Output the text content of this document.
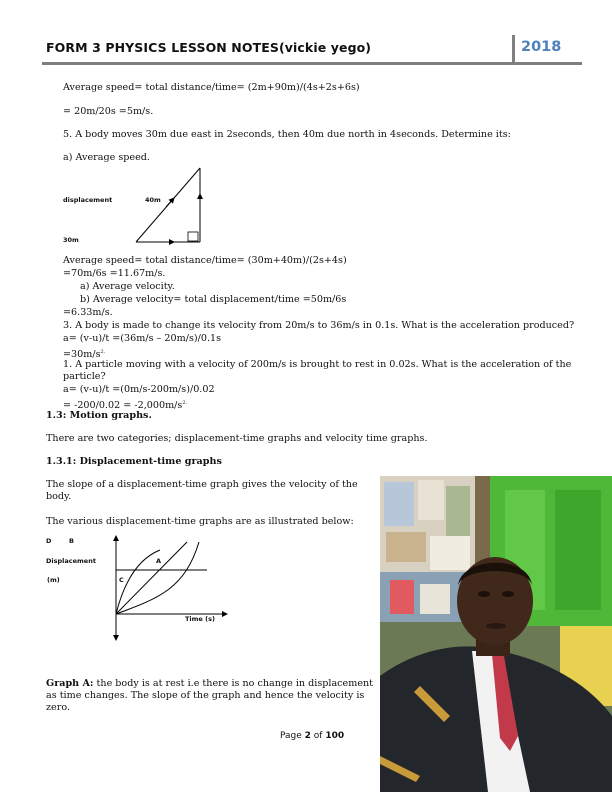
FORM 3 PHYSICS LESSON NOTES(vickie yego)	2018
Average speed= total distance/time= (2m+90m)/(4s+2s+6s)
= 20m/20s =5m/s.
5. A body moves 30m due east in 2seconds, then 40m due north in 4seconds. Determine its:
a) Average speed.
displacement	40m
30m
Average speed= total distance/time= (30m+40m)/(2s+4s)
=70m/6s =11.67m/s.
a) Average velocity.
b) Average velocity= total displacement/time =50m/6s
=6.33m/s.
3. A body is made to change its velocity from 20m/s to 36m/s in 0.1s. What is the acceleration produced?
a= (v-u)/t =(36m/s – 20m/s)/0.1s
$=30m/s^{2.}$
1. A particle moving with a velocity of 200m/s is brought to rest in 0.02s. What is the acceleration of the
particle?
a= (v-u)/t =(0m/s-200m/s)/0.02
= $-200/0.02 = -2,000m/s^{2.}$
1.3: Motion graphs.
There are two categories; displacement-time graphs and velocity time graphs.
1.3.1: Displacement-time graphs
The slope of a displacement-time graph gives the velocity of the body.
The various displacement-time graphs are as illustrated below:
D	B
Displacement
(m)
A
C
Time (s)
Graph A: the body is at rest i.e there is no change in displacement as time changes. The slope of the graph and hence the velocity is zero.
Page 2 of 100
